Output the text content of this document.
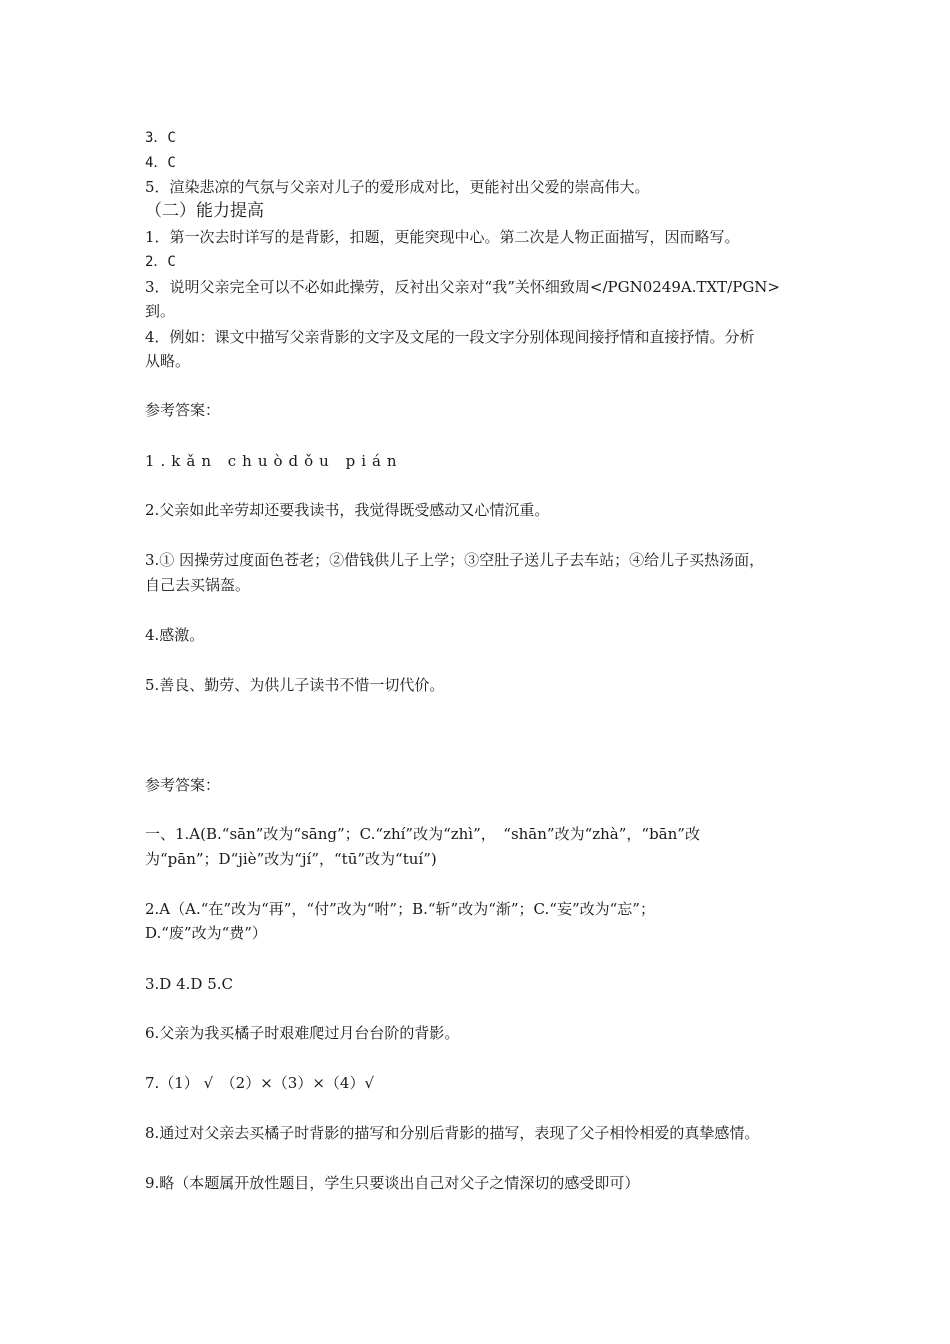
3．C
4．C
5．渲染悲凉的气氛与父亲对儿子的爱形成对比，更能衬出父爱的崇高伟大。
（二）能力提高
1．第一次去时详写的是背影，扣题，更能突现中心。第二次是人物正面描写，因而略写。
2．C
3．说明父亲完全可以不必如此操劳，反衬出父亲对“我”关怀细致周</PGN0249A.TXT/PGN>
到。
4．例如：课文中描写父亲背影的文字及文尾的一段文字分别体现间接抒情和直接抒情。分析
从略。
参考答案：
1.kǎn chuòdǒu pián
2.父亲如此辛劳却还要我读书，我觉得既受感动又心情沉重。
3.① 因操劳过度面色苍老；②借钱供儿子上学；③空肚子送儿子去车站；④给儿子买热汤面，
自己去买锅盔。
4.感激。
5.善良、勤劳、为供儿子读书不惜一切代价。
参考答案：
一、1.A(B.“sān”改为“sāng”；C.“zhí”改为“zhì”，　“shān”改为“zhà”，“bān”改
为“pān”；D“jiè”改为“jí”，“tū”改为“tuí”)
2.A（A.“在”改为“再”，“付”改为“咐”；B.“斩”改为“渐”；C.“妄”改为“忘”；
D.“废”改为“费”）
3.D 4.D 5.C
6.父亲为我买橘子时艰难爬过月台台阶的背影。
7.（1） √　（2）×（3）×（4）√
8.通过对父亲去买橘子时背影的描写和分别后背影的描写，表现了父子相怜相爱的真挚感情。
9.略（本题属开放性题目，学生只要谈出自己对父子之情深切的感受即可）
